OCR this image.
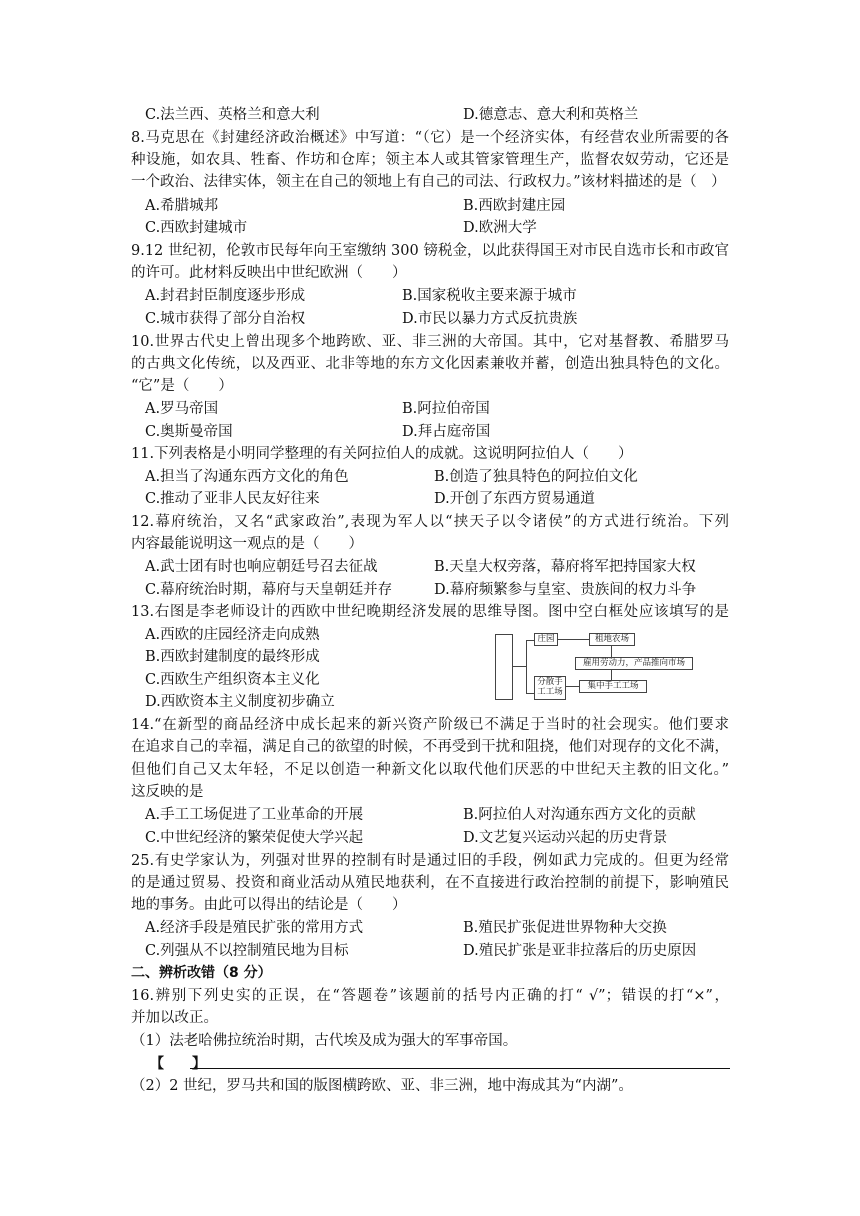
C.法兰西、英格兰和意大利	D.德意志、意大利和英格兰
8.马克思在《封建经济政治概述》中写道：“（它）是一个经济实体，有经营农业所需要的各
种设施，如农具、牲畜、作坊和仓库；领主本人或其管家管理生产，监督农奴劳动，它还是
一个政治、法律实体，领主在自己的领地上有自己的司法、行政权力。”该材料描述的是（　）
A.希腊城邦	B.西欧封建庄园
C.西欧封建城市	D.欧洲大学
9.12 世纪初，伦敦市民每年向王室缴纳 300 镑税金，以此获得国王对市民自选市长和市政官
的许可。此材料反映出中世纪欧洲（　　）
A.封君封臣制度逐步形成	B.国家税收主要来源于城市
C.城市获得了部分自治权	D.市民以暴力方式反抗贵族
10.世界古代史上曾出现多个地跨欧、亚、非三洲的大帝国。其中，它对基督教、希腊罗马
的古典文化传统，以及西亚、北非等地的东方文化因素兼收并蓄，创造出独具特色的文化。
“它”是（　　）
A.罗马帝国	B.阿拉伯帝国
C.奥斯曼帝国	D.拜占庭帝国
11.下列表格是小明同学整理的有关阿拉伯人的成就。这说明阿拉伯人（　　）
A.担当了沟通东西方文化的角色	B.创造了独具特色的阿拉伯文化
C.推动了亚非人民友好往来	D.开创了东西方贸易通道
12.幕府统治，又名“武家政治”,表现为军人以“挟天子以令诸侯”的方式进行统治。下列
内容最能说明这一观点的是（　　）
A.武士团有时也响应朝廷号召去征战	B.天皇大权旁落，幕府将军把持国家大权
C.幕府统治时期，幕府与天皇朝廷并存	D.幕府频繁参与皇室、贵族间的权力斗争
13.右图是李老师设计的西欧中世纪晚期经济发展的思维导图。图中空白框处应该填写的是
A.西欧的庄园经济走向成熟
B.西欧封建制度的最终形成
C.西欧生产组织资本主义化
D.西欧资本主义制度初步确立
庄园	租地农场
雇用劳动力，产品推向市场
分散手工工场
集中手工工场
14.“在新型的商品经济中成长起来的新兴资产阶级已不满足于当时的社会现实。他们要求
在追求自己的幸福，满足自己的欲望的时候，不再受到干扰和阻挠，他们对现存的文化不满，
但他们自己又太年轻，不足以创造一种新文化以取代他们厌恶的中世纪天主教的旧文化。”
这反映的是
A.手工工场促进了工业革命的开展	B.阿拉伯人对沟通东西方文化的贡献
C.中世纪经济的繁荣促使大学兴起	D.文艺复兴运动兴起的历史背景
25.有史学家认为，列强对世界的控制有时是通过旧的手段，例如武力完成的。但更为经常
的是通过贸易、投资和商业活动从殖民地获利，在不直接进行政治控制的前提下，影响殖民
地的事务。由此可以得出的结论是（　　）
A.经济手段是殖民扩张的常用方式	B.殖民扩张促进世界物种大交换
C.列强从不以控制殖民地为目标	D.殖民扩张是亚非拉落后的历史原因
二、辨析改错（8 分）
16.辨别下列史实的正误，在“答题卷”该题前的括号内正确的打“ √”；错误的打“×”，
并加以改正。
（1）法老哈佛拉统治时期，古代埃及成为强大的军事帝国。
【　　】
（2）2 世纪，罗马共和国的版图横跨欧、亚、非三洲，地中海成其为“内湖”。
